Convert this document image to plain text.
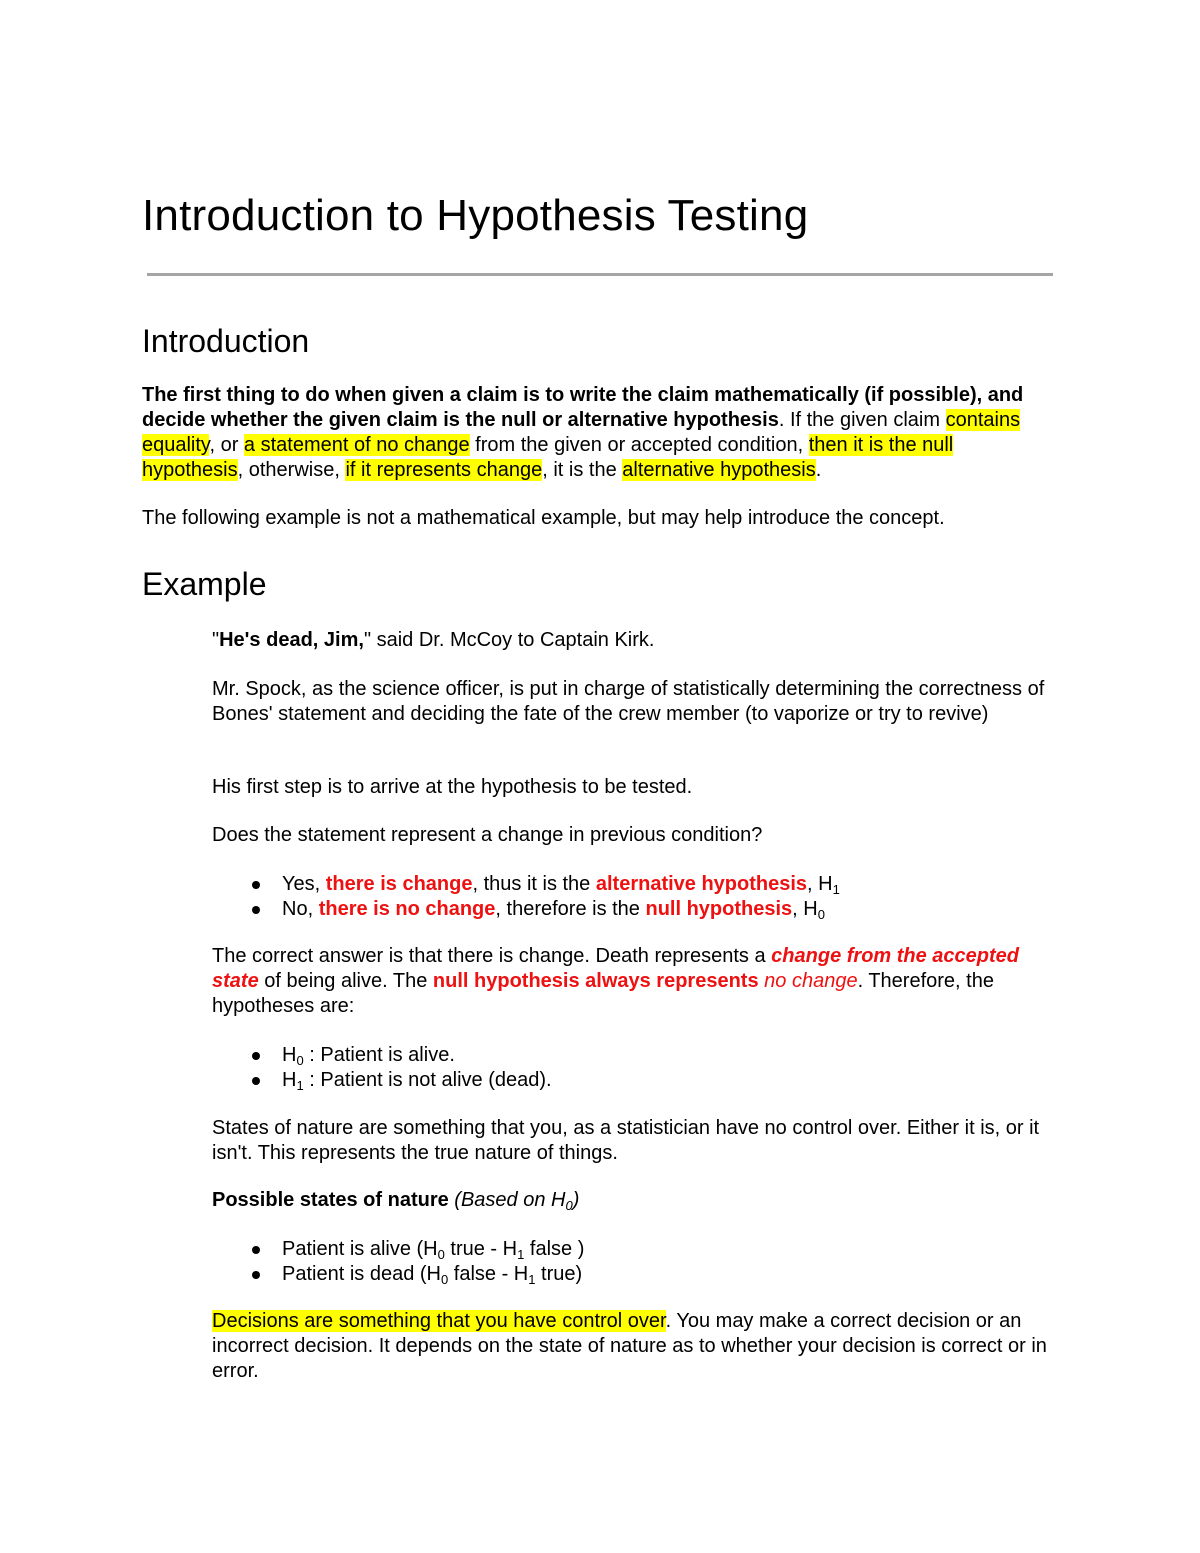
Introduction to Hypothesis Testing
Introduction

The first thing to do when given a claim is to write the claim mathematically (if possible), and decide whether the given claim is the null or alternative hypothesis. If the given claim contains equality, or a statement of no change from the given or accepted condition, then it is the null hypothesis, otherwise, if it represents change, it is the alternative hypothesis.

The following example is not a mathematical example, but may help introduce the concept.

Example

"He's dead, Jim," said Dr. McCoy to Captain Kirk.

Mr. Spock, as the science officer, is put in charge of statistically determining the correctness of Bones' statement and deciding the fate of the crew member (to vaporize or try to revive)

His first step is to arrive at the hypothesis to be tested.

Does the statement represent a change in previous condition?

Yes, there is change, thus it is the alternative hypothesis, $H_1$
No, there is no change, therefore is the null hypothesis, $H_0$

The correct answer is that there is change. Death represents a change from the accepted state of being alive. The null hypothesis always represents no change. Therefore, the hypotheses are:

$H_0$ : Patient is alive.
$H_1$ : Patient is not alive (dead).

States of nature are something that you, as a statistician have no control over. Either it is, or it isn't. This represents the true nature of things.

Possible states of nature (Based on $H_0$)

Patient is alive ($H_0$ true - $H_1$ false )
Patient is dead ($H_0$ false - $H_1$ true)

Decisions are something that you have control over. You may make a correct decision or an incorrect decision. It depends on the state of nature as to whether your decision is correct or in error.
